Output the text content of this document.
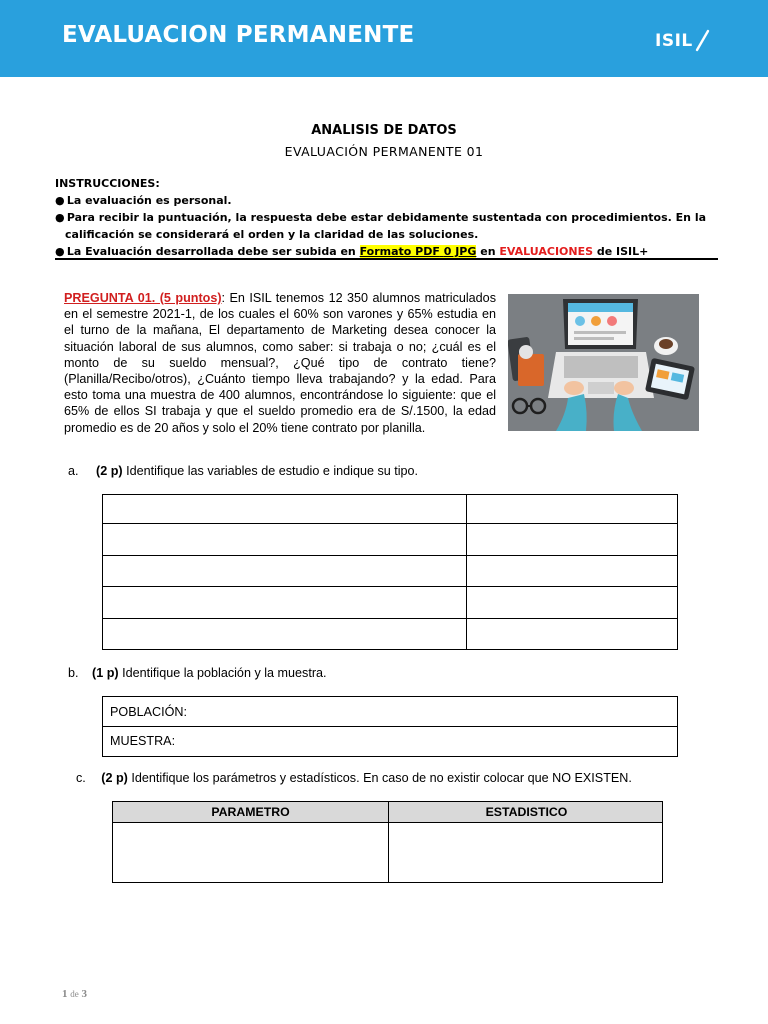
EVALUACION PERMANENTE	ISIL
ANALISIS DE DATOS
EVALUACIÓN PERMANENTE 01
INSTRUCCIONES:
● La evaluación es personal.
● Para recibir la puntuación, la respuesta debe estar debidamente sustentada con procedimientos. En la
calificación se considerará el orden y la claridad de las soluciones.
● La Evaluación desarrollada debe ser subida en Formato PDF 0 JPG en EVALUACIONES de ISIL+
PREGUNTA 01. (5 puntos): En ISIL tenemos 12 350 alumnos matriculados en el semestre 2021-1, de los cuales el 60% son varones y 65% estudia en el turno de la mañana, El departamento de Marketing desea conocer la situación laboral de sus alumnos, como saber: si trabaja o no; ¿cuál es el monto de su sueldo mensual?, ¿Qué tipo de contrato tiene? (Planilla/Recibo/otros), ¿Cuánto tiempo lleva trabajando? y la edad. Para esto toma una muestra de 400 alumnos, encontrándose lo siguiente: que el 65% de ellos SI trabaja y que el sueldo promedio era de S/.1500, la edad promedio es de 20 años y solo el 20% tiene contrato por planilla.
a. (2 p) Identifique las variables de estudio e indique su tipo.
b. (1 p) Identifique la población y la muestra.
POBLACIÓN:
MUESTRA:
c. (2 p) Identifique los parámetros y estadísticos. En caso de no existir colocar que NO EXISTEN.
PARAMETRO	ESTADISTICO
1 de 3
